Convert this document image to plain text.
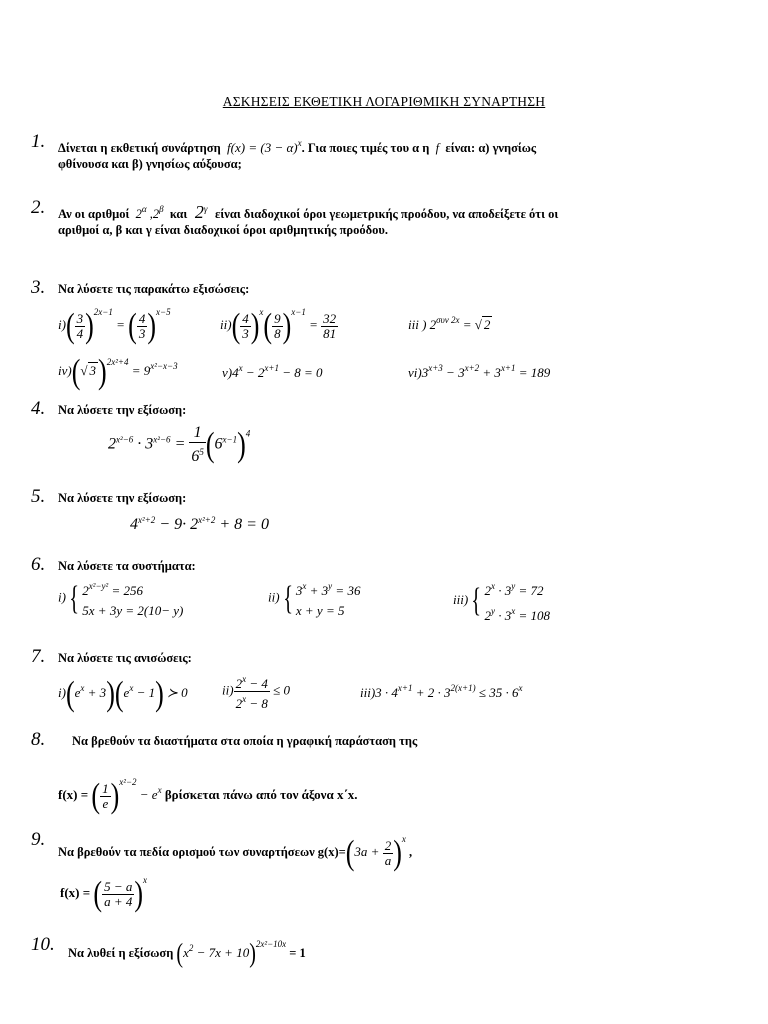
ΑΣΚΗΣΕΙΣ ΕΚΘΕΤΙΚΗ ΛΟΓΑΡΙΘΜΙΚΗ ΣΥΝΑΡΤΗΣΗ
1. Δίνεται η εκθετική συνάρτηση  $f(x) = (3 - \alpha)^x$. Για ποιες τιμές του α η  f  είναι: α) γνησίως
φθίνουσα και β) γνησίως αύξουσα;
2. Αν οι αριθμοί  $2^\alpha$ $,2^\beta$ και  $2^\gamma$ είναι διαδοχικοί όροι γεωμετρικής προόδου, να αποδείξετε ότι οι
αριθμοί α, β και γ είναι διαδοχικοί όροι αριθμητικής προόδου.
3. Να λύσετε τις παρακάτω εξισώσεις:
$i)( \frac{3}{4} )^{2x-1}$ = ( $\frac{4}{3} )^{x-5}$
$ii)( \frac{4}{3} )^x( \frac{9}{8} )^{x-1} = \frac{32}{81}$	iii ) $2^{\sigma\upsilon\nu 2x}$ = √ 2
iv)(√ $3)^{2x^2+4} = 9^{x^2-x-3}$	$v)4^x - 2^{x+1} - 8 = 0$	$vi)3^{x+3} - 3^{x+2} + 3^{x+1} = 189$
4. Να λύσετε την εξίσωση:
$2^{x^2-6} \cdot 3^{x^2-6} = \frac{1}{6^5} (6^{x-1})^4$
5. Να λύσετε την εξίσωση:
$4^{x^2+2} - 9\cdot 2^{x^2+2} + 8 = 0$
6. Να λύσετε τα συστήματα:
i){ $2^{x^2-y^2} = 256$
5x + 3y = 2(10− y)
ii){ $3^x + 3^y = 36$
x + y = 5
iii){ $2^x \cdot 3^y = 72$
$2^y \cdot 3^x = 108$
7. Να λύσετε τις ανισώσεις:
$i)(e^x + 3)(e^x - 1)$ ≻ 0	$ii) \frac{2^x - 4}{2^x - 8} \le 0$	$iii)3 \cdot 4^{x+1} + 2 \cdot 3^{2(x+1)} \le 35 \cdot 6^x$
8. Να βρεθούν τα διαστήματα στα οποία η γραφική παράσταση της
f(x) = ( $\frac{1}{e} )^{x^2-2} - e^x$ βρίσκεται πάνω από τον άξονα x΄x.
9.
Να βρεθούν τα πεδία ορισμού των συναρτήσεων $g(x)=(3a + \frac{2}{a} )^x$ ,
f(x) = ( $\frac{5 - a}{a + 4} )^x$
10. Να λυθεί η εξίσωση $(x^2 - 7x + 10)^{2x^2-10x} = 1$
